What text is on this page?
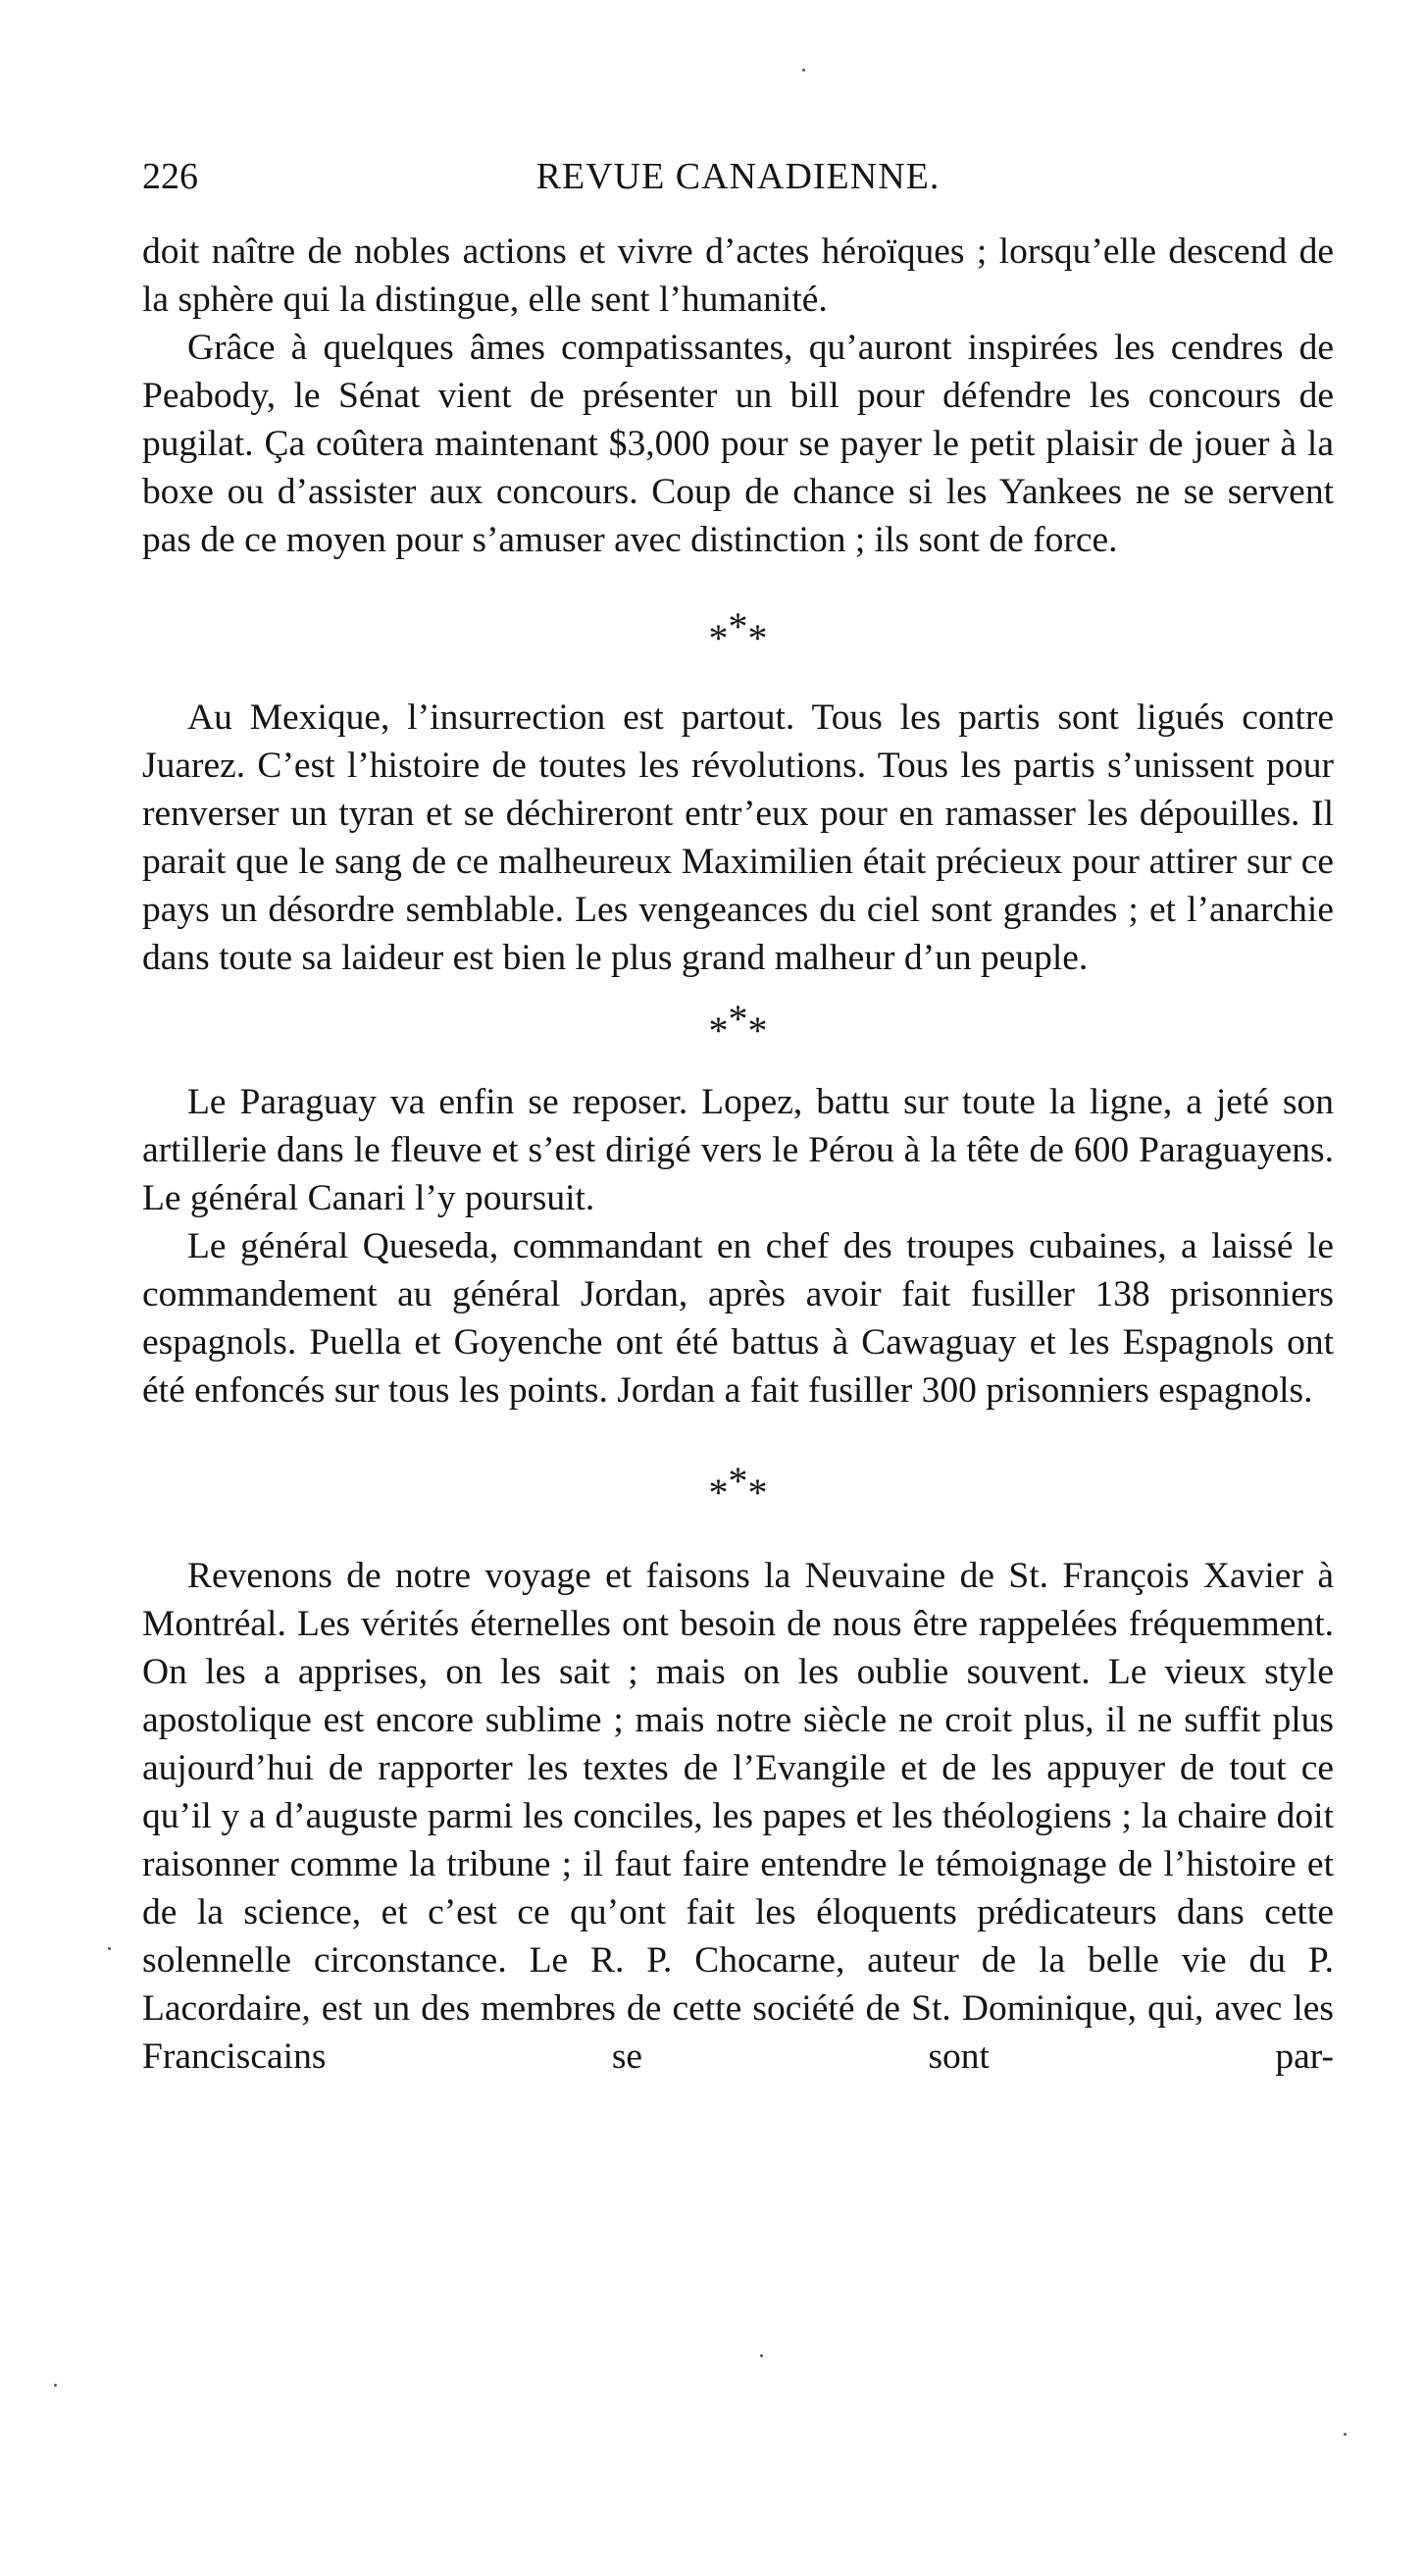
226	REVUE CANADIENNE.

doit naître de nobles actions et vivre d’actes héroïques ; lorsqu’elle descend de la sphère qui la distingue, elle sent l’humanité.

Grâce à quelques âmes compatissantes, qu’auront inspirées les cendres de Peabody, le Sénat vient de présenter un bill pour défendre les concours de pugilat. Ça coûtera maintenant $3,000 pour se payer le petit plaisir de jouer à la boxe ou d’assister aux concours. Coup de chance si les Yankees ne se servent pas de ce moyen pour s’amuser avec distinction ; ils sont de force.

***

Au Mexique, l’insurrection est partout. Tous les partis sont ligués contre Juarez. C’est l’histoire de toutes les révolutions. Tous les partis s’unissent pour renverser un tyran et se déchireront entr’eux pour en ramasser les dépouilles. Il parait que le sang de ce malheureux Maximilien était précieux pour attirer sur ce pays un désordre semblable. Les vengeances du ciel sont grandes ; et l’anarchie dans toute sa laideur est bien le plus grand malheur d’un peuple.

***

Le Paraguay va enfin se reposer. Lopez, battu sur toute la ligne, a jeté son artillerie dans le fleuve et s’est dirigé vers le Pérou à la tête de 600 Paraguayens. Le général Canari l’y poursuit.

Le général Queseda, commandant en chef des troupes cubaines, a laissé le commandement au général Jordan, après avoir fait fusiller 138 prisonniers espagnols. Puella et Goyenche ont été battus à Cawaguay et les Espagnols ont été enfoncés sur tous les points. Jordan a fait fusiller 300 prisonniers espagnols.

***

Revenons de notre voyage et faisons la Neuvaine de St. François Xavier à Montréal. Les vérités éternelles ont besoin de nous être rappelées fréquemment. On les a apprises, on les sait ; mais on les oublie souvent. Le vieux style apostolique est encore sublime ; mais notre siècle ne croit plus, il ne suffit plus aujourd’hui de rapporter les textes de l’Evangile et de les appuyer de tout ce qu’il y a d’auguste parmi les conciles, les papes et les théologiens ; la chaire doit raisonner comme la tribune ; il faut faire entendre le témoignage de l’histoire et de la science, et c’est ce qu’ont fait les éloquents prédicateurs dans cette solennelle circonstance. Le R. P. Chocarne, auteur de la belle vie du P. Lacordaire, est un des membres de cette société de St. Dominique, qui, avec les Franciscains se sont par-
